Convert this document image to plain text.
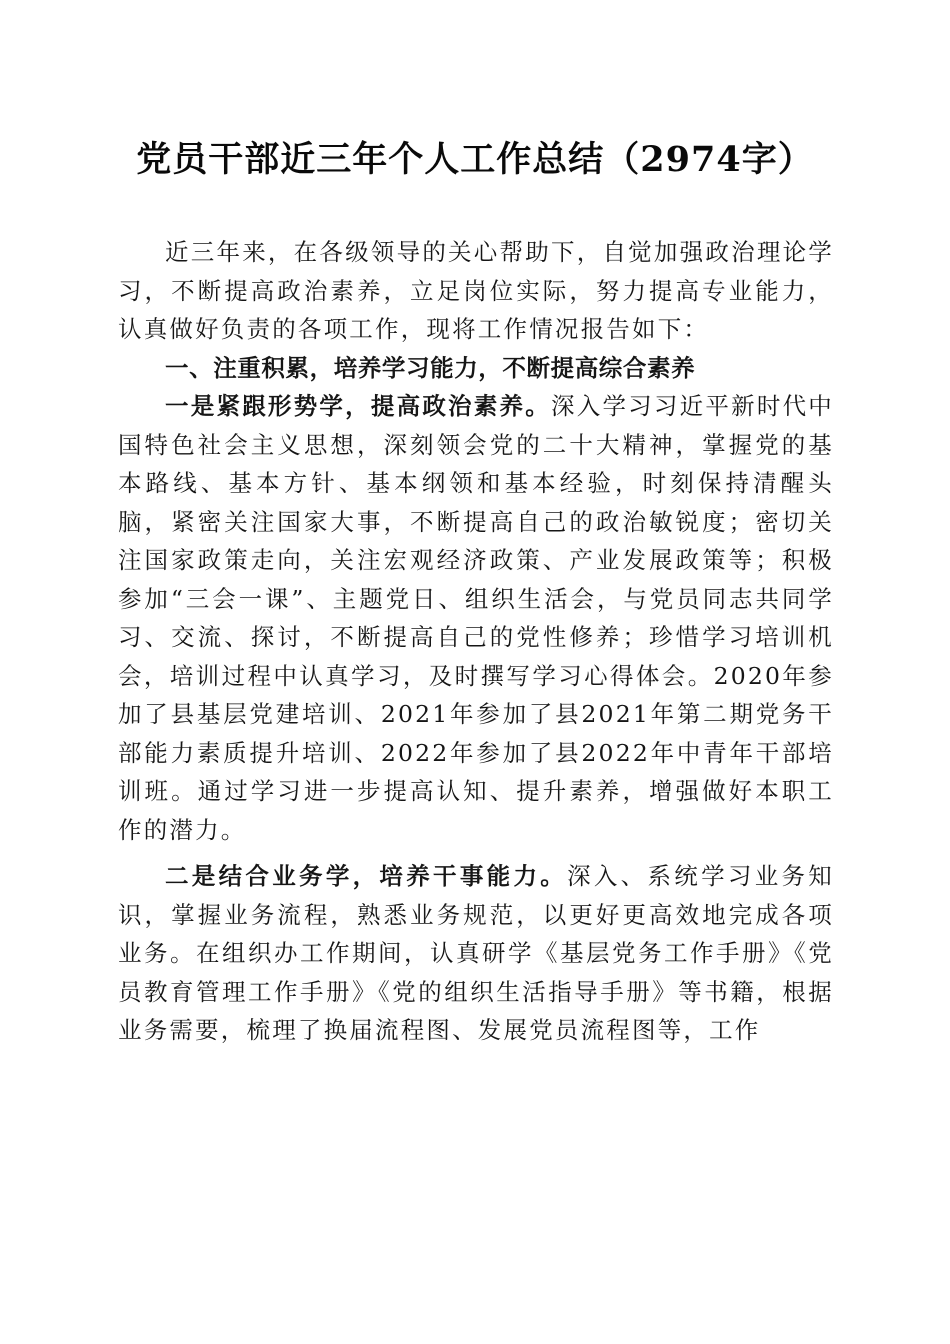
党员干部近三年个人工作总结（2974字）

近三年来，在各级领导的关心帮助下，自觉加强政治理论学习，不断提高政治素养，立足岗位实际，努力提高专业能力，认真做好负责的各项工作，现将工作情况报告如下：

一、注重积累，培养学习能力，不断提高综合素养

一是紧跟形势学，提高政治素养。深入学习习近平新时代中国特色社会主义思想，深刻领会党的二十大精神，掌握党的基本路线、基本方针、基本纲领和基本经验，时刻保持清醒头脑，紧密关注国家大事，不断提高自己的政治敏锐度；密切关注国家政策走向，关注宏观经济政策、产业发展政策等；积极参加“三会一课”、主题党日、组织生活会，与党员同志共同学习、交流、探讨，不断提高自己的党性修养；珍惜学习培训机会，培训过程中认真学习，及时撰写学习心得体会。2020年参加了县基层党建培训、2021年参加了县2021年第二期党务干部能力素质提升培训、2022年参加了县2022年中青年干部培训班。通过学习进一步提高认知、提升素养，增强做好本职工作的潜力。

二是结合业务学，培养干事能力。深入、系统学习业务知识，掌握业务流程，熟悉业务规范，以更好更高效地完成各项业务。在组织办工作期间，认真研学《基层党务工作手册》《党员教育管理工作手册》《党的组织生活指导手册》等书籍，根据业务需要，梳理了换届流程图、发展党员流程图等，工作
